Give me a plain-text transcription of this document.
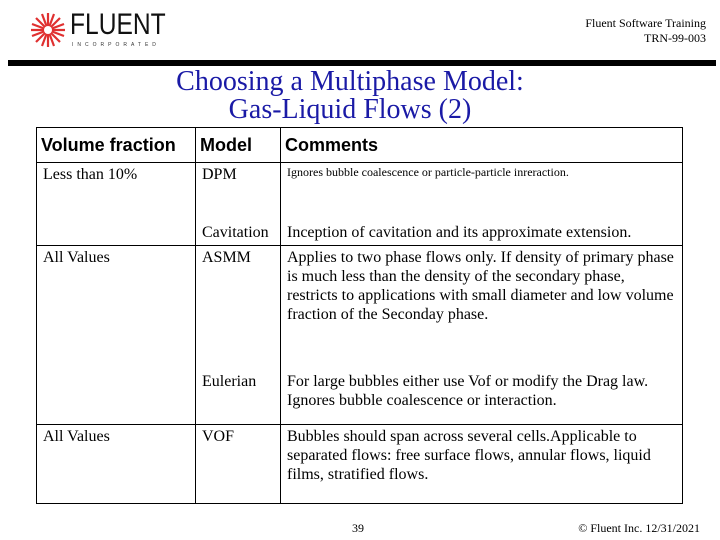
FLUENT
INCORPORATED
Fluent Software Training
TRN-99-003
Choosing a Multiphase Model:
Gas-Liquid Flows (2)
Volume fraction	Model	Comments
Less than 10%	DPM	Ignores bubble coalescence or particle-particle inreraction.
	Cavitation	Inception of cavitation and its approximate extension.
All Values	ASMM	Applies to two phase flows only. If density of primary phase is much less than the density of the secondary phase, restricts to applications with small diameter and low volume fraction of the Seconday phase.
	Eulerian	For large bubbles either use Vof or modify the Drag law. Ignores bubble coalescence or interaction.
All Values	VOF	Bubbles should span across several cells.Applicable to separated flows: free surface flows, annular flows, liquid films, stratified flows.
39	© Fluent Inc. 12/31/2021
